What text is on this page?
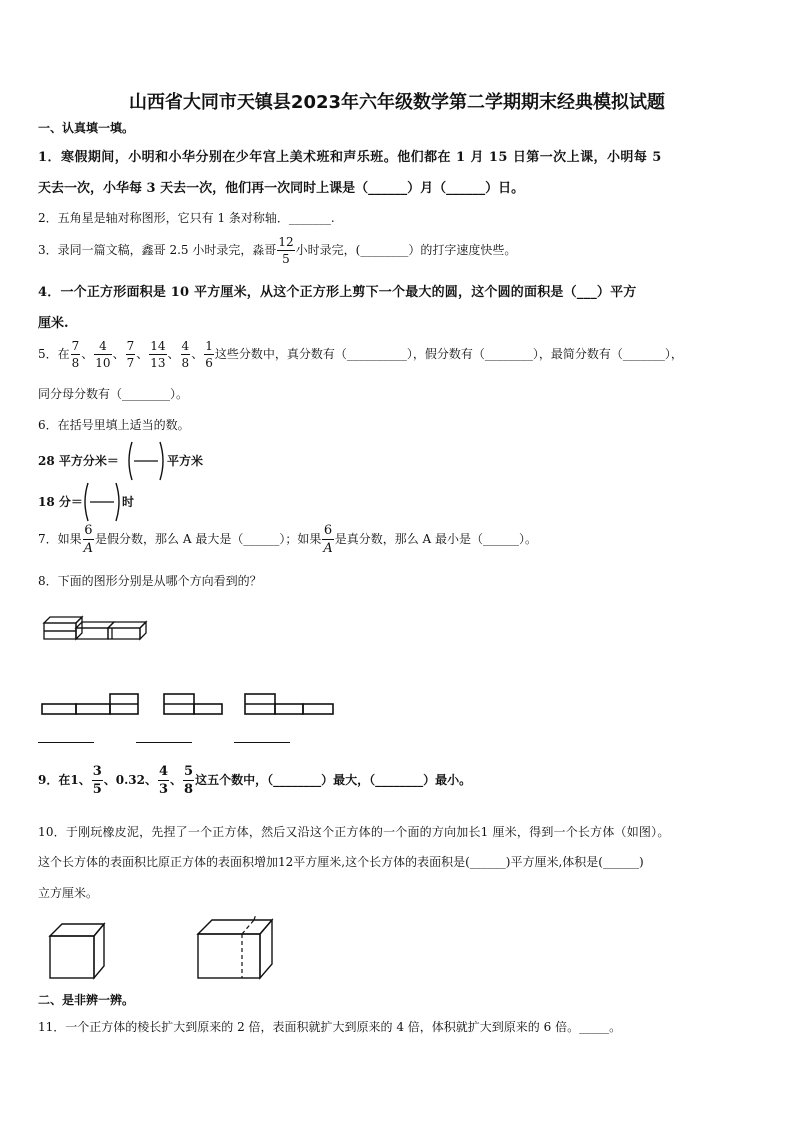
山西省大同市天镇县2023年六年级数学第二学期期末经典模拟试题
一、认真填一填。
1．寒假期间，小明和小华分别在少年宫上美术班和声乐班。他们都在 1 月 15 日第一次上课，小明每 5
天去一次，小华每 3 天去一次，他们再一次同时上课是（______）月（______）日。
2．五角星是轴对称图形，它只有 1 条对称轴．_______.
3．录同一篇文稿，鑫哥 2.5 小时录完，淼哥 $\frac{12}{5}$ 小时录完，(________）的打字速度快些。
4．一个正方形面积是 10 平方厘米，从这个正方形上剪下一个最大的圆，这个圆的面积是（___）平方
厘米.
5．在 $\frac{7}{8}$ 、 $\frac{4}{10}$ 、 $\frac{7}{7}$ 、 $\frac{14}{13}$ 、 $\frac{4}{8}$ 、 $\frac{1}{6}$ 这些分数中，真分数有（__________），假分数有（________），最简分数有（_______），
同分母分数有（________）。
6．在括号里填上适当的数。
28 平方分米＝	平方米
18 分＝	时
7．如果 $\frac{6}{A}$ 是假分数，那么 A 最大是（______）；如果 $\frac{6}{A}$ 是真分数，那么 A 最小是（______）。
8．下面的图形分别是从哪个方向看到的？
9．在1、 $\frac{3}{5}$ 、0.32、 $\frac{4}{3}$ 、 $\frac{5}{8}$ 这五个数中，（________）最大，（________）最小。
10．于刚玩橡皮泥，先捏了一个正方体，然后又沿这个正方体的一个面的方向加长1 厘米，得到一个长方体（如图）。
这个长方体的表面积比原正方体的表面积增加12平方厘米,这个长方体的表面积是(______)平方厘米,体积是(______)
立方厘米。
二、是非辨一辨。
11．一个正方体的棱长扩大到原来的 2 倍，表面积就扩大到原来的 4 倍，体积就扩大到原来的 6 倍。_____。
